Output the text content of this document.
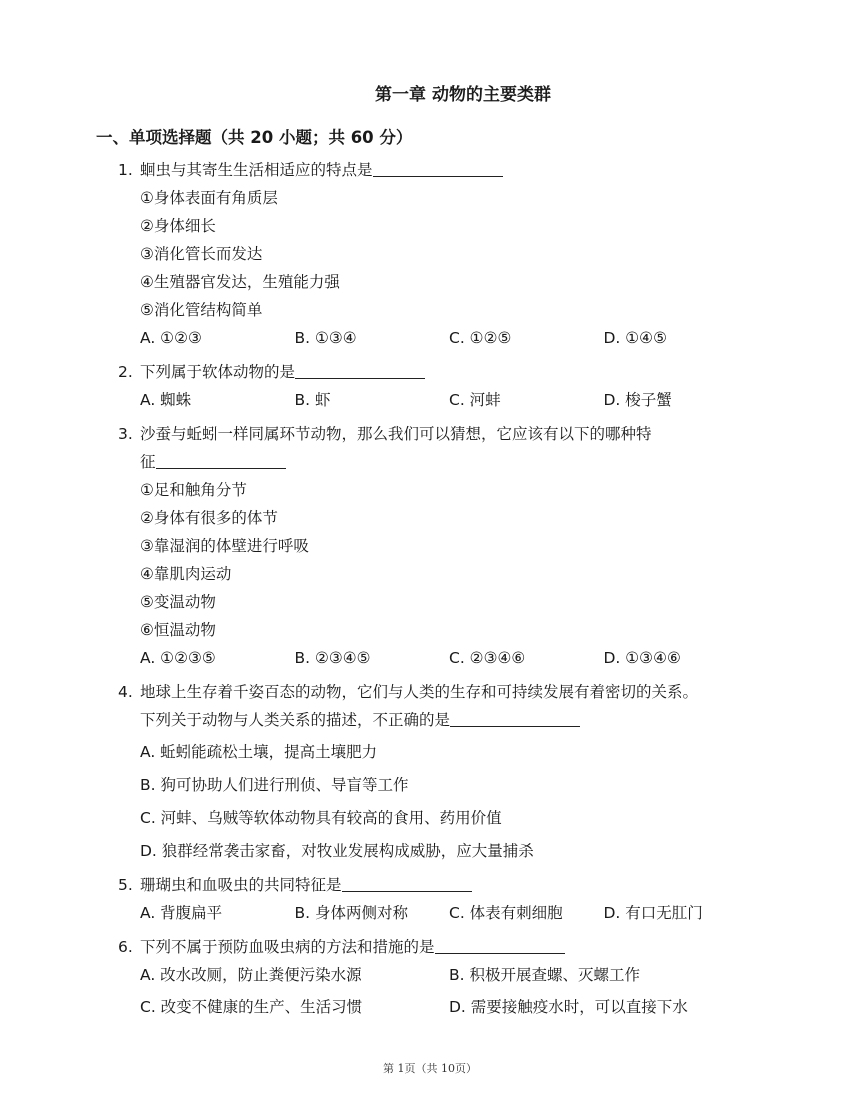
第一章 动物的主要类群
一、单项选择题（共 20 小题；共 60 分）
1. 蛔虫与其寄生生活相适应的特点是
①身体表面有角质层
②身体细长
③消化管长而发达
④生殖器官发达，生殖能力强
⑤消化管结构简单
A. ①②③	B. ①③④	C. ①②⑤	D. ①④⑤
2. 下列属于软体动物的是
A. 蜘蛛	B. 虾	C. 河蚌	D. 梭子蟹
3. 沙蚕与蚯蚓一样同属环节动物，那么我们可以猜想，它应该有以下的哪种特
征
①足和触角分节
②身体有很多的体节
③靠湿润的体壁进行呼吸
④靠肌肉运动
⑤变温动物
⑥恒温动物
A. ①②③⑤	B. ②③④⑤	C. ②③④⑥	D. ①③④⑥
4. 地球上生存着千姿百态的动物，它们与人类的生存和可持续发展有着密切的关系。
下列关于动物与人类关系的描述，不正确的是
A. 蚯蚓能疏松土壤，提高土壤肥力
B. 狗可协助人们进行刑侦、导盲等工作
C. 河蚌、乌贼等软体动物具有较高的食用、药用价值
D. 狼群经常袭击家畜，对牧业发展构成威胁，应大量捕杀
5. 珊瑚虫和血吸虫的共同特征是
A. 背腹扁平	B. 身体两侧对称	C. 体表有刺细胞	D. 有口无肛门
6. 下列不属于预防血吸虫病的方法和措施的是
A. 改水改厕，防止粪便污染水源	B. 积极开展查螺、灭螺工作
C. 改变不健康的生产、生活习惯	D. 需要接触疫水时，可以直接下水
第 1页（共 10页）
